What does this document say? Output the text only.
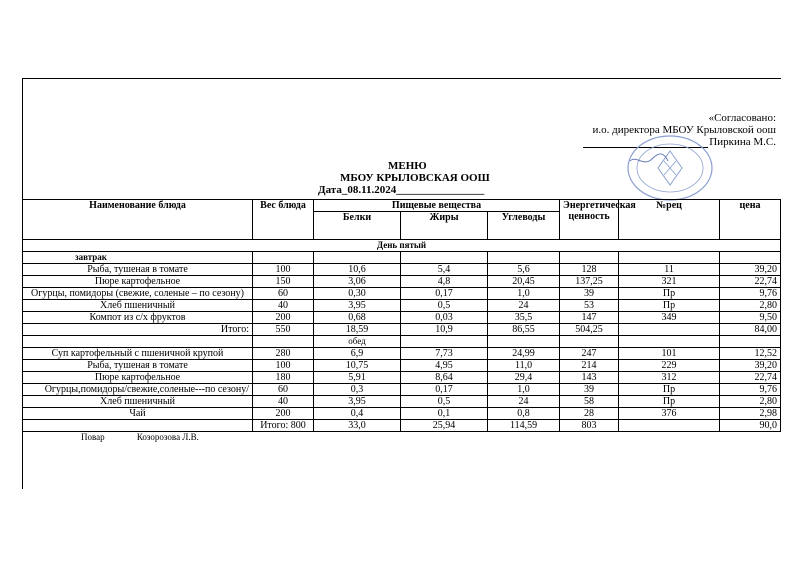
«Согласовано:
и.о. директора МБОУ Крыловской оош
Пиркина М.С.
МЕНЮ
МБОУ КРЫЛОВСКАЯ ООШ
Дата_08.11.2024________________
Наименование блюда	Вес блюда	Пищевые вещества			Энергетическая ценность	№рец	цена
		Белки	Жиры	Углеводы			
День пятый							
завтрак							
Рыба, тушеная в томате	100	10,6	5,4	5,6	128	11	39,20
Пюре картофельное	150	3,06	4,8	20,45	137,25	321	22,74
Огурцы, помидоры (свежие, соленые – по сезону)	60	0,30	0,17	1,0	39	Пр	9,76
Хлеб пшеничный	40	3,95	0,5	24	53	Пр	2,80
Компот из с/х фруктов	200	0,68	0,03	35,5	147	349	9,50
Итого:	550	18,59	10,9	86,55	504,25		84,00
		обед					
Суп картофельный с пшеничной крупой	280	6,9	7,73	24,99	247	101	12,52
Рыба, тушеная в томате	100	10,75	4,95	11,0	214	229	39,20
Пюре картофельное	180	5,91	8,64	29,4	143	312	22,74
Огурцы,помидоры/свежие,соленые---по сезону/	60	0,3	0,17	1,0	39	Пр	9,76
Хлеб пшеничный	40	3,95	0,5	24	58	Пр	2,80
Чай	200	0,4	0,1	0,8	28	376	2,98
	Итого: 800	33,0	25,94	114,59	803		90,0
Повар Козорозова Л.В.							
